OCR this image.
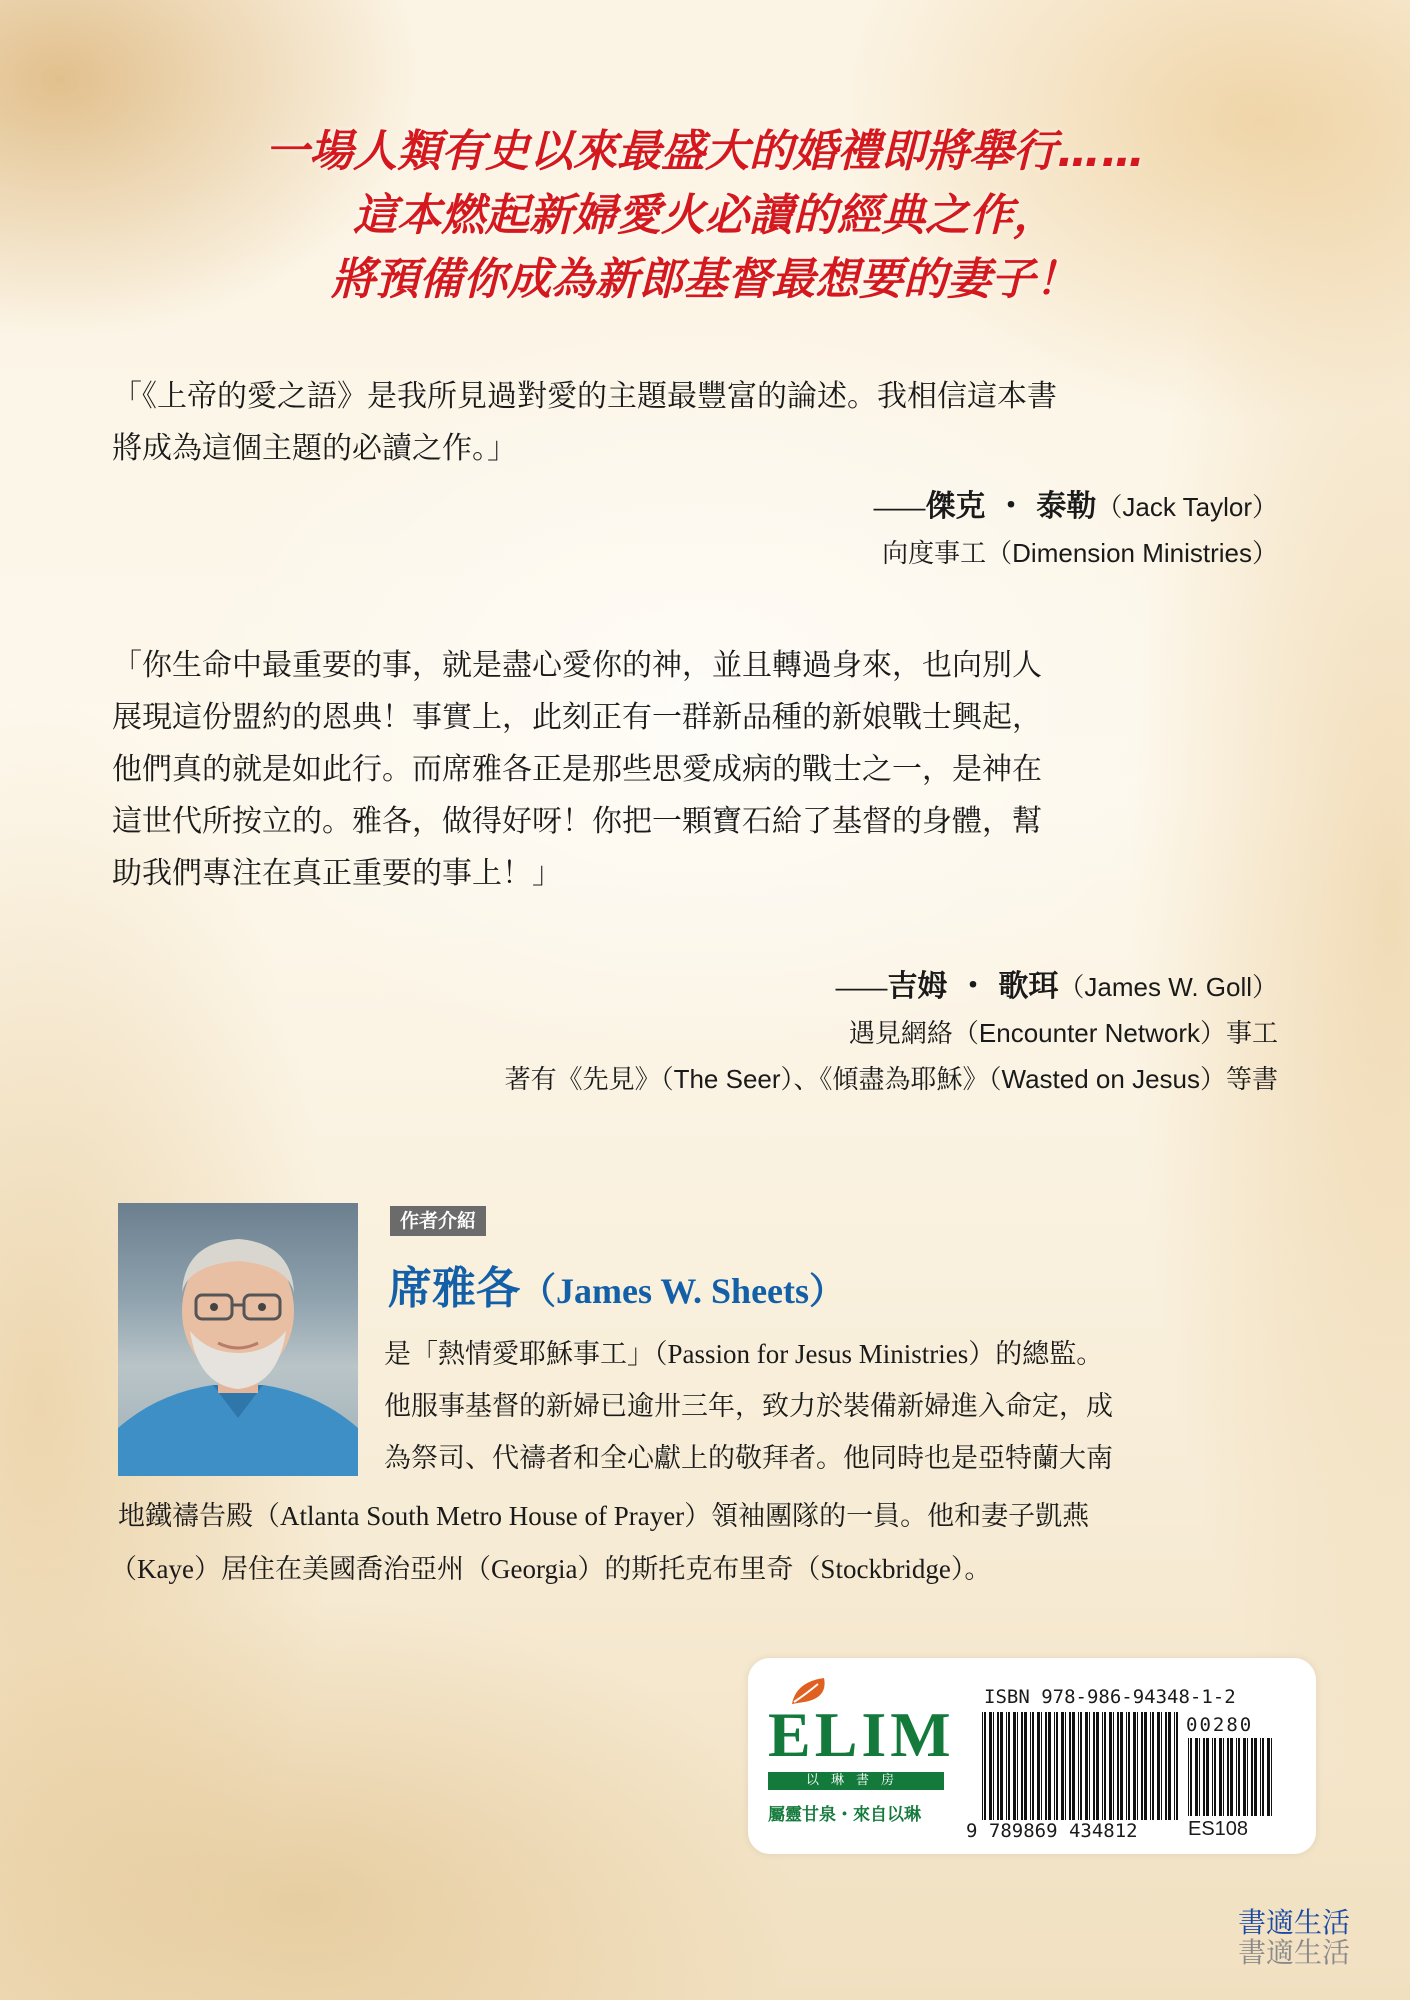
一場人類有史以來最盛大的婚禮即將舉行……
這本燃起新婦愛火必讀的經典之作，
將預備你成為新郎基督最想要的妻子！
「《上帝的愛之語》是我所見過對愛的主題最豐富的論述。我相信這本書
將成為這個主題的必讀之作。」
——傑克 ・ 泰勒（Jack Taylor）
向度事工（Dimension Ministries）
「你生命中最重要的事，就是盡心愛你的神，並且轉過身來，也向別人
展現這份盟約的恩典！事實上，此刻正有一群新品種的新娘戰士興起，
他們真的就是如此行。而席雅各正是那些思愛成病的戰士之一，是神在
這世代所按立的。雅各，做得好呀！你把一顆寶石給了基督的身體，幫
助我們專注在真正重要的事上！」
——吉姆 ・ 歌珥（James W. Goll）
遇見網絡（Encounter Network）事工
著有《先見》（The Seer）、《傾盡為耶穌》（Wasted on Jesus）等書
作者介紹
席雅各（James W. Sheets）
是「熱情愛耶穌事工」（Passion for Jesus Ministries）的總監。
他服事基督的新婦已逾卅三年，致力於裝備新婦進入命定，成
為祭司、代禱者和全心獻上的敬拜者。他同時也是亞特蘭大南
地鐵禱告殿（Atlanta South Metro House of Prayer）領袖團隊的一員。他和妻子凱燕
（Kaye）居住在美國喬治亞州（Georgia）的斯托克布里奇（Stockbridge）。
ELIM
以琳書房
屬靈甘泉・來自以琳
ISBN 978-986-94348-1-2
9 789869 434812
00280
ES108
書適生活
書適生活
